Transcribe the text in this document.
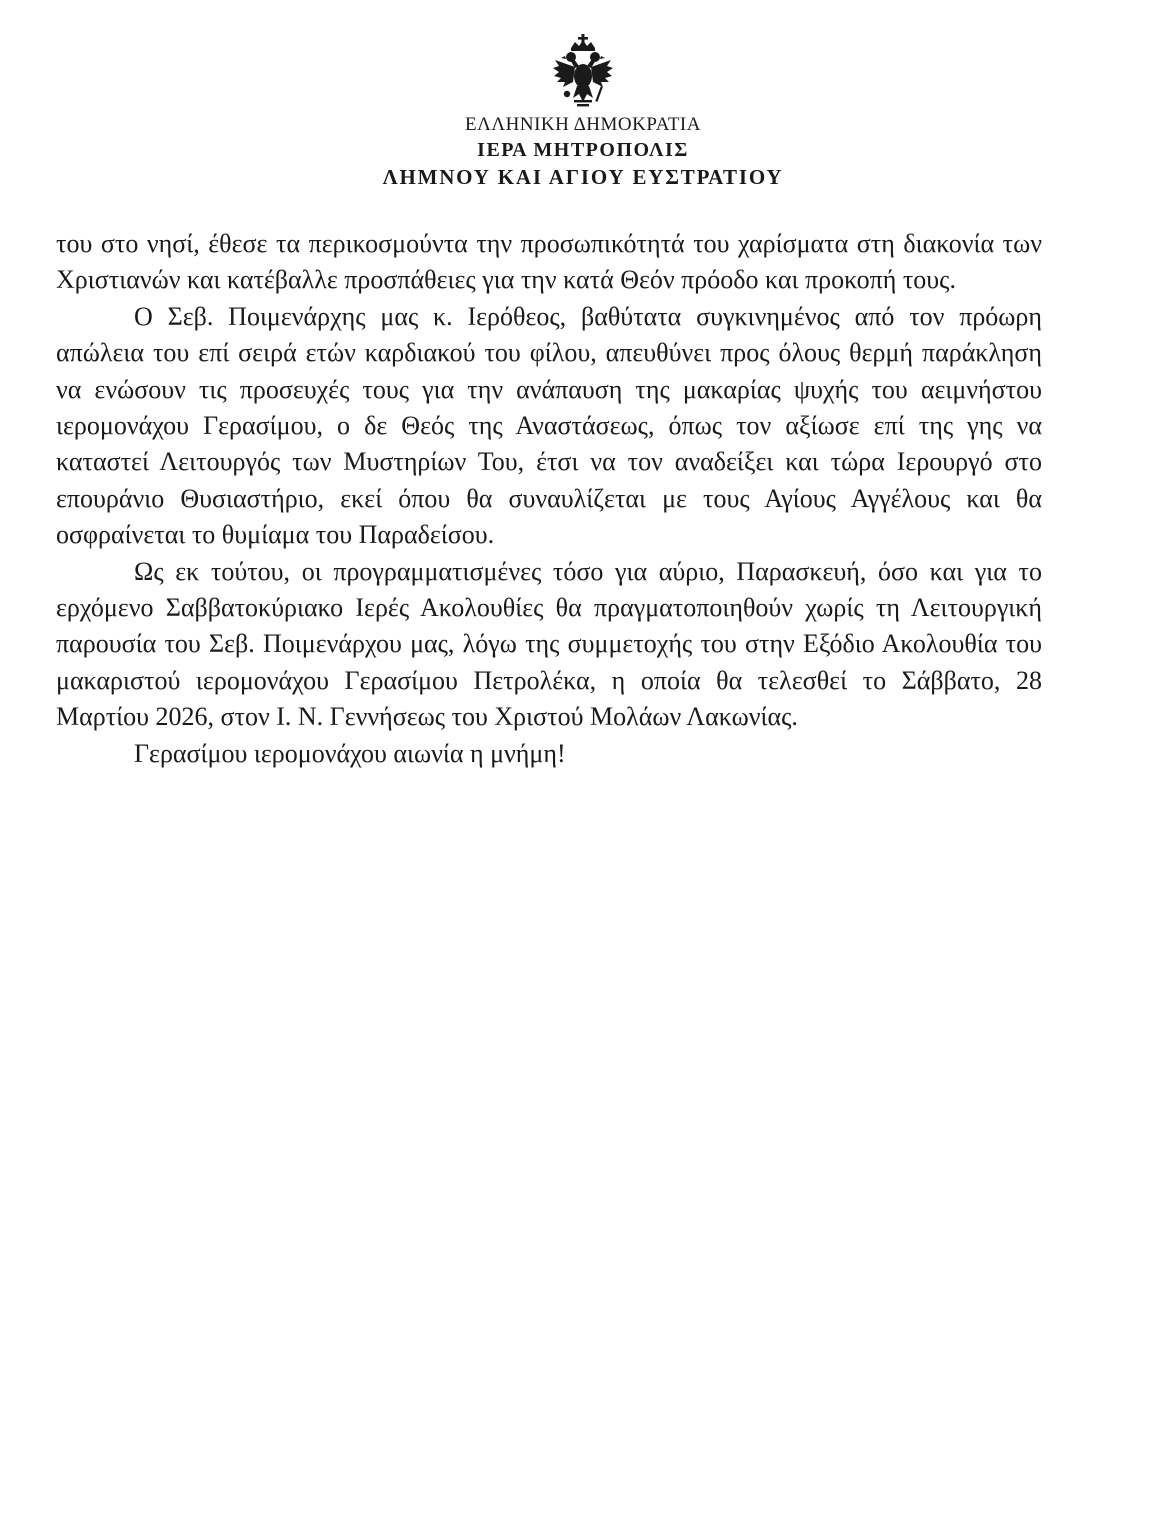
ΕΛΛΗΝΙΚΗ ΔΗΜΟΚΡΑΤΙΑ
ΙΕΡΑ ΜΗΤΡΟΠΟΛΙΣ
ΛΗΜΝΟΥ ΚΑΙ ΑΓΙΟΥ ΕΥΣΤΡΑΤΙΟΥ

του στο νησί, έθεσε τα περικοσμούντα την προσωπικότητά του χαρίσματα στη διακονία των Χριστιανών και κατέβαλλε προσπάθειες για την κατά Θεόν πρόοδο και προκοπή τους.

Ο Σεβ. Ποιμενάρχης μας κ. Ιερόθεος, βαθύτατα συγκινημένος από τον πρόωρη απώλεια του επί σειρά ετών καρδιακού του φίλου, απευθύνει προς όλους θερμή παράκληση να ενώσουν τις προσευχές τους για την ανάπαυση της μακαρίας ψυχής του αειμνήστου ιερομονάχου Γερασίμου, ο δε Θεός της Αναστάσεως, όπως τον αξίωσε επί της γης να καταστεί Λειτουργός των Μυστηρίων Του, έτσι να τον αναδείξει και τώρα Ιερουργό στο επουράνιο Θυσιαστήριο, εκεί όπου θα συναυλίζεται με τους Αγίους Αγγέλους και θα οσφραίνεται το θυμίαμα του Παραδείσου.

Ως εκ τούτου, οι προγραμματισμένες τόσο για αύριο, Παρασκευή, όσο και για το ερχόμενο Σαββατοκύριακο Ιερές Ακολουθίες θα πραγματοποιηθούν χωρίς τη Λειτουργική παρουσία του Σεβ. Ποιμενάρχου μας, λόγω της συμμετοχής του στην Εξόδιο Ακολουθία του μακαριστού ιερομονάχου Γερασίμου Πετρολέκα, η οποία θα τελεσθεί το Σάββατο, 28 Μαρτίου 2026, στον Ι. Ν. Γεννήσεως του Χριστού Μολάων Λακωνίας.

Γερασίμου ιερομονάχου αιωνία η μνήμη!
